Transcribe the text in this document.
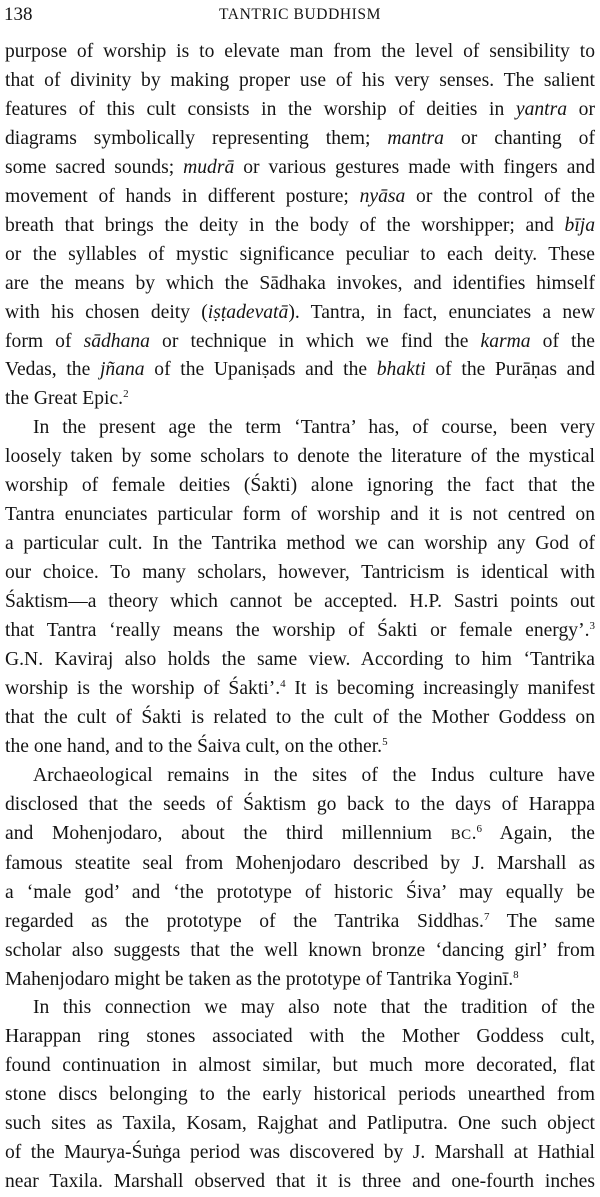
138	TANTRIC BUDDHISM
purpose of worship is to elevate man from the level of sensibility to
that of divinity by making proper use of his very senses. The salient
features of this cult consists in the worship of deities in yantra or
diagrams symbolically representing them; mantra or chanting of
some sacred sounds; mudrā or various gestures made with fingers and
movement of hands in different posture; nyāsa or the control of the
breath that brings the deity in the body of the worshipper; and bīja
or the syllables of mystic significance peculiar to each deity. These
are the means by which the Sādhaka invokes, and identifies himself
with his chosen deity (iṣṭadevatā). Tantra, in fact, enunciates a new
form of sādhana or technique in which we find the karma of the
Vedas, the jñana of the Upaniṣads and the bhakti of the Purāṇas and
the Great Epic.$^2$
In the present age the term ‘Tantra’ has, of course, been very
loosely taken by some scholars to denote the literature of the mystical
worship of female deities (Śakti) alone ignoring the fact that the
Tantra enunciates particular form of worship and it is not centred on
a particular cult. In the Tantrika method we can worship any God of
our choice. To many scholars, however, Tantricism is identical with
Śaktism—a theory which cannot be accepted. H.P. Sastri points out
that Tantra ‘really means the worship of Śakti or female energy’.$^3$
G.N. Kaviraj also holds the same view. According to him ‘Tantrika
worship is the worship of Śakti’.$^4$ It is becoming increasingly manifest
that the cult of Śakti is related to the cult of the Mother Goddess on
the one hand, and to the Śaiva cult, on the other.$^5$
Archaeological remains in the sites of the Indus culture have
disclosed that the seeds of Śaktism go back to the days of Harappa
and Mohenjodaro, about the third millennium BC.$^6$ Again, the
famous steatite seal from Mohenjodaro described by J. Marshall as
a ‘male god’ and ‘the prototype of historic Śiva’ may equally be
regarded as the prototype of the Tantrika Siddhas.$^7$ The same
scholar also suggests that the well known bronze ‘dancing girl’ from
Mahenjodaro might be taken as the prototype of Tantrika Yoginī.$^8$
In this connection we may also note that the tradition of the
Harappan ring stones associated with the Mother Goddess cult,
found continuation in almost similar, but much more decorated, flat
stone discs belonging to the early historical periods unearthed from
such sites as Taxila, Kosam, Rajghat and Patliputra. One such object
of the Maurya-Śuṅga period was discovered by J. Marshall at Hathial
near Taxila. Marshall observed that it is three and one-fourth inches
